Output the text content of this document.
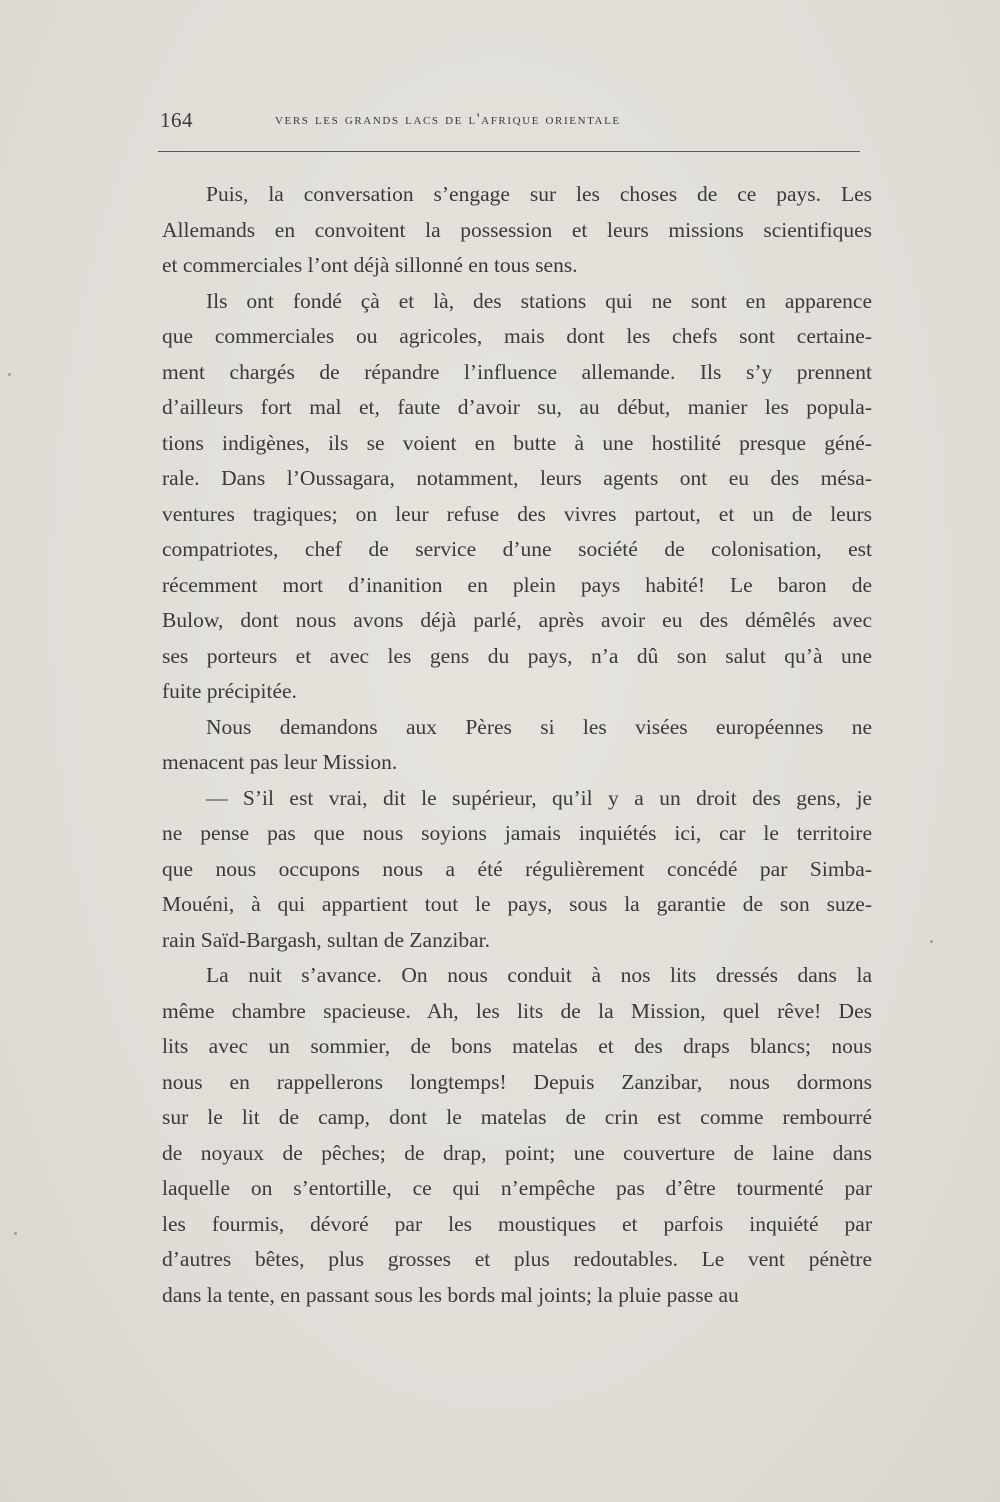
164	vers les grands lacs de l'afrique orientale
Puis, la conversation s’engage sur les choses de ce pays. Les
Allemands en convoitent la possession et leurs missions scientifiques
et commerciales l’ont déjà sillonné en tous sens.
Ils ont fondé çà et là, des stations qui ne sont en apparence
que commerciales ou agricoles, mais dont les chefs sont certaine-
ment chargés de répandre l’influence allemande. Ils s’y prennent
d’ailleurs fort mal et, faute d’avoir su, au début, manier les popula-
tions indigènes, ils se voient en butte à une hostilité presque géné-
rale. Dans l’Oussagara, notamment, leurs agents ont eu des mésa-
ventures tragiques; on leur refuse des vivres partout, et un de leurs
compatriotes, chef de service d’une société de colonisation, est
récemment mort d’inanition en plein pays habité! Le baron de
Bulow, dont nous avons déjà parlé, après avoir eu des démêlés avec
ses porteurs et avec les gens du pays, n’a dû son salut qu’à une
fuite précipitée.
Nous demandons aux Pères si les visées européennes ne
menacent pas leur Mission.
— S’il est vrai, dit le supérieur, qu’il y a un droit des gens, je
ne pense pas que nous soyions jamais inquiétés ici, car le territoire
que nous occupons nous a été régulièrement concédé par Simba-
Mouéni, à qui appartient tout le pays, sous la garantie de son suze-
rain Saïd-Bargash, sultan de Zanzibar.
La nuit s’avance. On nous conduit à nos lits dressés dans la
même chambre spacieuse. Ah, les lits de la Mission, quel rêve! Des
lits avec un sommier, de bons matelas et des draps blancs; nous
nous en rappellerons longtemps! Depuis Zanzibar, nous dormons
sur le lit de camp, dont le matelas de crin est comme rembourré
de noyaux de pêches; de drap, point; une couverture de laine dans
laquelle on s’entortille, ce qui n’empêche pas d’être tourmenté par
les fourmis, dévoré par les moustiques et parfois inquiété par
d’autres bêtes, plus grosses et plus redoutables. Le vent pénètre
dans la tente, en passant sous les bords mal joints; la pluie passe au
